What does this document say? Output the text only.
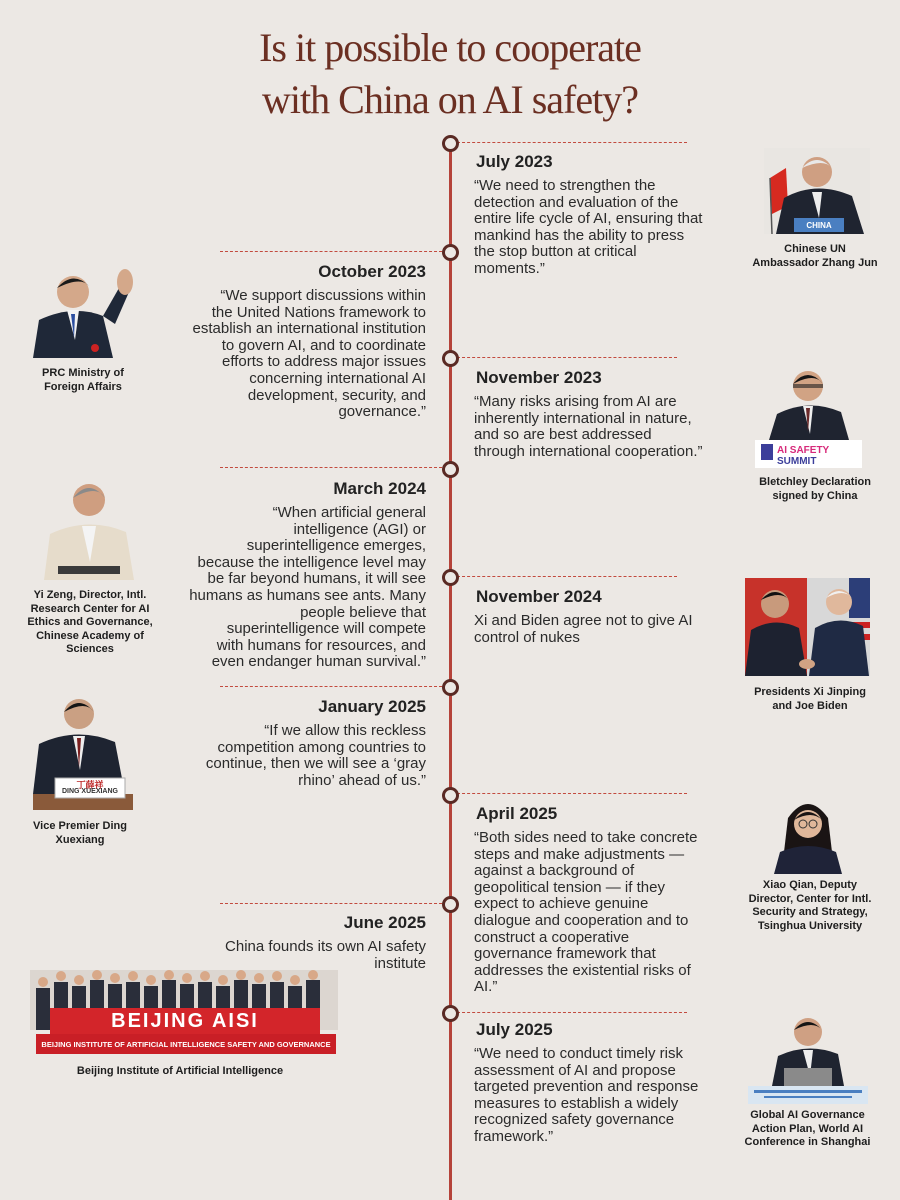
Is it possible to cooperate
with China on AI safety?
July 2023
“We need to strengthen the
detection and evaluation of the
entire life cycle of AI, ensuring that
mankind has the ability to press
the stop button at critical
moments.”
CHINA
Chinese UN
Ambassador Zhang Jun
October 2023
“We support discussions within
the United Nations framework to
establish an international institution
to govern AI, and to coordinate
efforts to address major issues
concerning international AI
development, security, and
governance.”
PRC Ministry of
Foreign Affairs	November 2023
“Many risks arising from AI are
inherently international in nature,
and so are best addressed
through international cooperation.”	AI SAFETY
SUMMIT
Bletchley Declaration
signed by China
March 2024
“When artificial general
intelligence (AGI) or
superintelligence emerges,
because the intelligence level may
be far beyond humans, it will see
humans as humans see ants. Many
people believe that
superintelligence will compete
with humans for resources, and
even endanger human survival.”
Yi Zeng, Director, Intl.
Research Center for AI
Ethics and Governance,
Chinese Academy of
Sciences
November 2024
Xi and Biden agree not to give AI
control of nukes
Presidents Xi Jinping
and Joe Biden
January 2025
“If we allow this reckless
competition among countries to
continue, then we will see a ‘gray
rhino’ ahead of us.”
丁薛祥
DING XUEXIANG
Vice Premier Ding
Xuexiang
April 2025
“Both sides need to take concrete
steps and make adjustments —
against a background of
geopolitical tension — if they
expect to achieve genuine
dialogue and cooperation and to
construct a cooperative
governance framework that
addresses the existential risks of
AI.”
Xiao Qian, Deputy
Director, Center for Intl.
Security and Strategy,
Tsinghua University
June 2025
China founds its own AI safety
institute
BEIJING AISI
BEIJING INSTITUTE OF ARTIFICIAL INTELLIGENCE SAFETY AND GOVERNANCE
Beijing Institute of Artificial Intelligence
July 2025
“We need to conduct timely risk
assessment of AI and propose
targeted prevention and response
measures to establish a widely
recognized safety governance
framework.”
Global AI Governance
Action Plan, World AI
Conference in Shanghai
